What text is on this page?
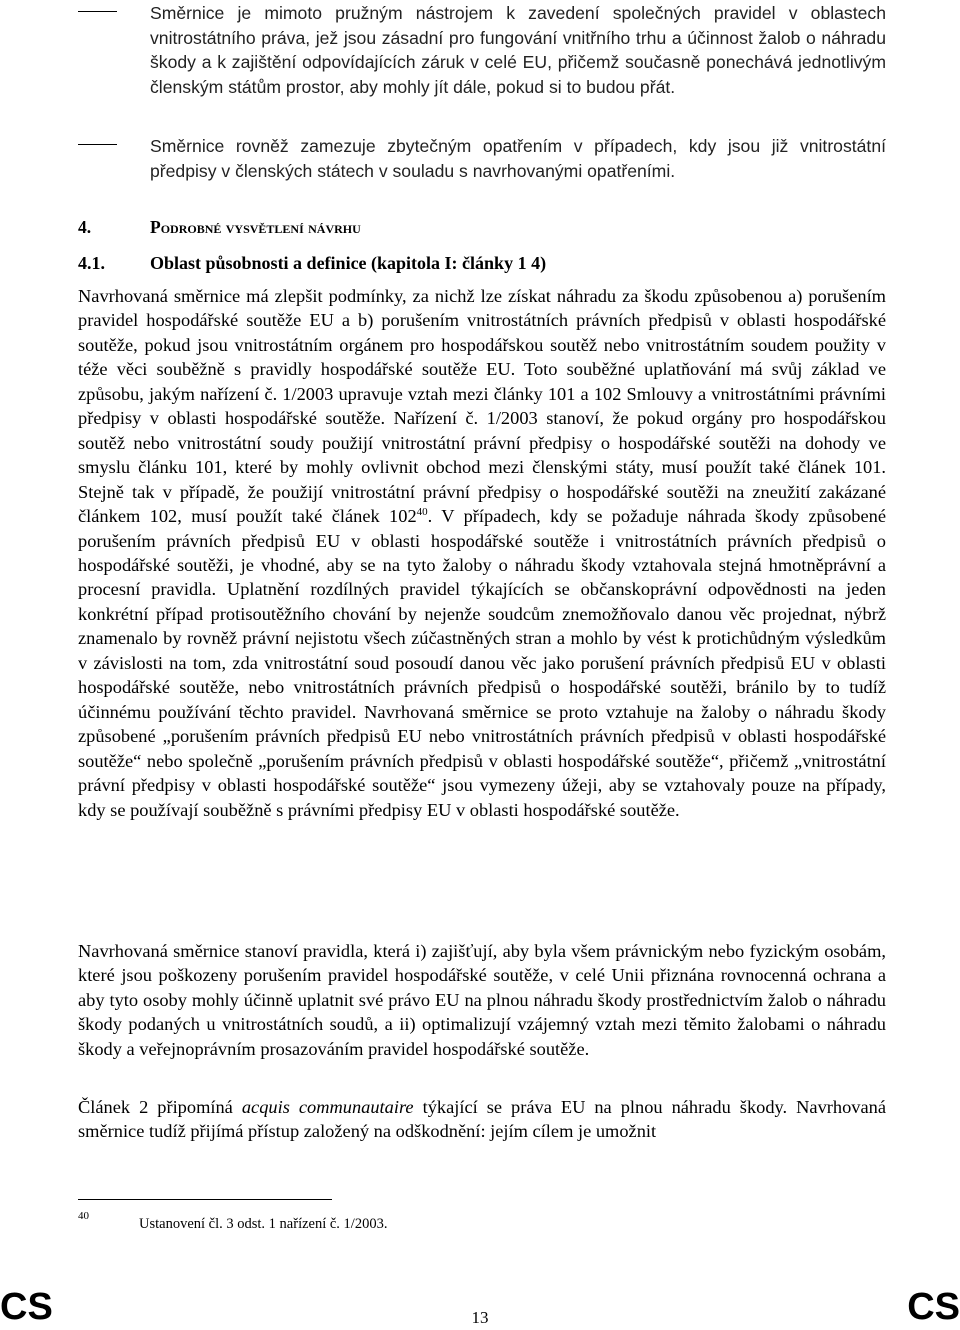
Směrnice je mimoto pružným nástrojem k zavedení společných pravidel v oblastech vnitrostátního práva, jež jsou zásadní pro fungování vnitřního trhu a účinnost žalob o náhradu škody a k zajištění odpovídajících záruk v celé EU, přičemž současně ponechává jednotlivým členským státům prostor, aby mohly jít dále, pokud si to budou přát.
Směrnice rovněž zamezuje zbytečným opatřením v případech, kdy jsou již vnitrostátní předpisy v členských státech v souladu s navrhovanými opatřeními.
4.	Podrobné vysvětlení návrhu
4.1.	Oblast působnosti a definice (kapitola I: články 1 4)
Navrhovaná směrnice má zlepšit podmínky, za nichž lze získat náhradu za škodu způsobenou a) porušením pravidel hospodářské soutěže EU a b) porušením vnitrostátních právních předpisů v oblasti hospodářské soutěže, pokud jsou vnitrostátním orgánem pro hospodářskou soutěž nebo vnitrostátním soudem použity v téže věci souběžně s pravidly hospodářské soutěže EU. Toto souběžné uplatňování má svůj základ ve způsobu, jakým nařízení č. 1/2003 upravuje vztah mezi články 101 a 102 Smlouvy a vnitrostátními právními předpisy v oblasti hospodářské soutěže. Nařízení č. 1/2003 stanoví, že pokud orgány pro hospodářskou soutěž nebo vnitrostátní soudy použijí vnitrostátní právní předpisy o hospodářské soutěži na dohody ve smyslu článku 101, které by mohly ovlivnit obchod mezi členskými státy, musí použít také článek 101. Stejně tak v případě, že použijí vnitrostátní právní předpisy o hospodářské soutěži na zneužití zakázané článkem 102, musí použít také článek $102^{40}$. V případech, kdy se požaduje náhrada škody způsobené porušením právních předpisů EU v oblasti hospodářské soutěže i vnitrostátních právních předpisů o hospodářské soutěži, je vhodné, aby se na tyto žaloby o náhradu škody vztahovala stejná hmotněprávní a procesní pravidla. Uplatnění rozdílných pravidel týkajících se občanskoprávní odpovědnosti na jeden konkrétní případ protisoutěžního chování by nejenže soudcům znemožňovalo danou věc projednat, nýbrž znamenalo by rovněž právní nejistotu všech zúčastněných stran a mohlo by vést k protichůdným výsledkům v závislosti na tom, zda vnitrostátní soud posoudí danou věc jako porušení právních předpisů EU v oblasti hospodářské soutěže, nebo vnitrostátních právních předpisů o hospodářské soutěži, bránilo by to tudíž účinnému používání těchto pravidel. Navrhovaná směrnice se proto vztahuje na žaloby o náhradu škody způsobené „porušením právních předpisů EU nebo vnitrostátních právních předpisů v oblasti hospodářské soutěže“ nebo společně „porušením právních předpisů v oblasti hospodářské soutěže“, přičemž „vnitrostátní právní předpisy v oblasti hospodářské soutěže“ jsou vymezeny úžeji, aby se vztahovaly pouze na případy, kdy se používají souběžně s právními předpisy EU v oblasti hospodářské soutěže.
Navrhovaná směrnice stanoví pravidla, která i) zajišťují, aby byla všem právnickým nebo fyzickým osobám, které jsou poškozeny porušením pravidel hospodářské soutěže, v celé Unii přiznána rovnocenná ochrana a aby tyto osoby mohly účinně uplatnit své právo EU na plnou náhradu škody prostřednictvím žalob o náhradu škody podaných u vnitrostátních soudů, a ii) optimalizují vzájemný vztah mezi těmito žalobami o náhradu škody a veřejnoprávním prosazováním pravidel hospodářské soutěže.
Článek 2 připomíná acquis communautaire týkající se práva EU na plnou náhradu škody. Navrhovaná směrnice tudíž přijímá přístup založený na odškodnění: jejím cílem je umožnit
40	Ustanovení čl. 3 odst. 1 nařízení č. 1/2003.
CS	13	CS
